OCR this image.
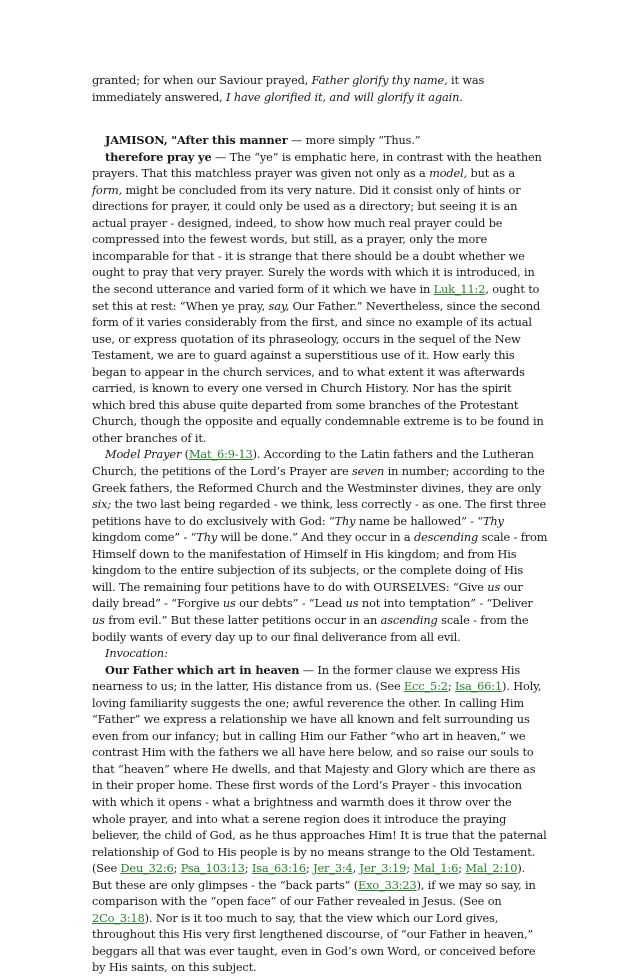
granted; for when our Saviour prayed, Father glorify thy name, it was immediately answered, I have glorified it, and will glorify it again.

JAMISON, "After this manner — more simply “Thus.”

therefore pray ye — The “ye” is emphatic here, in contrast with the heathen prayers. That this matchless prayer was given not only as a model, but as a form, might be concluded from its very nature. Did it consist only of hints or directions for prayer, it could only be used as a directory; but seeing it is an actual prayer - designed, indeed, to show how much real prayer could be compressed into the fewest words, but still, as a prayer, only the more incomparable for that - it is strange that there should be a doubt whether we ought to pray that very prayer. Surely the words with which it is introduced, in the second utterance and varied form of it which we have in Luk_11:2, ought to set this at rest: “When ye pray, say, Our Father.” Nevertheless, since the second form of it varies considerably from the first, and since no example of its actual use, or express quotation of its phraseology, occurs in the sequel of the New Testament, we are to guard against a superstitious use of it. How early this began to appear in the church services, and to what extent it was afterwards carried, is known to every one versed in Church History. Nor has the spirit which bred this abuse quite departed from some branches of the Protestant Church, though the opposite and equally condemnable extreme is to be found in other branches of it.

Model Prayer (Mat_6:9-13). According to the Latin fathers and the Lutheran Church, the petitions of the Lord’s Prayer are seven in number; according to the Greek fathers, the Reformed Church and the Westminster divines, they are only six; the two last being regarded - we think, less correctly - as one. The first three petitions have to do exclusively with God: “Thy name be hallowed” - “Thy kingdom come” - “Thy will be done.” And they occur in a descending scale - from Himself down to the manifestation of Himself in His kingdom; and from His kingdom to the entire subjection of its subjects, or the complete doing of His will. The remaining four petitions have to do with OURSELVES: “Give us our daily bread” - “Forgive us our debts” - “Lead us not into temptation” - “Deliver us from evil.” But these latter petitions occur in an ascending scale - from the bodily wants of every day up to our final deliverance from all evil.

Invocation:

Our Father which art in heaven — In the former clause we express His nearness to us; in the latter, His distance from us. (See Ecc_5:2; Isa_66:1). Holy, loving familiarity suggests the one; awful reverence the other. In calling Him “Father” we express a relationship we have all known and felt surrounding us even from our infancy; but in calling Him our Father “who art in heaven,” we contrast Him with the fathers we all have here below, and so raise our souls to that “heaven” where He dwells, and that Majesty and Glory which are there as in their proper home. These first words of the Lord’s Prayer - this invocation with which it opens - what a brightness and warmth does it throw over the whole prayer, and into what a serene region does it introduce the praying believer, the child of God, as he thus approaches Him! It is true that the paternal relationship of God to His people is by no means strange to the Old Testament. (See Deu_32:6; Psa_103:13; Isa_63:16; Jer_3:4, Jer_3:19; Mal_1:6; Mal_2:10). But these are only glimpses - the “back parts” (Exo_33:23), if we may so say, in comparison with the “open face” of our Father revealed in Jesus. (See on 2Co_3:18). Nor is it too much to say, that the view which our Lord gives, throughout this His very first lengthened discourse, of “our Father in heaven,” beggars all that was ever taught, even in God’s own Word, or conceived before by His saints, on this subject.
